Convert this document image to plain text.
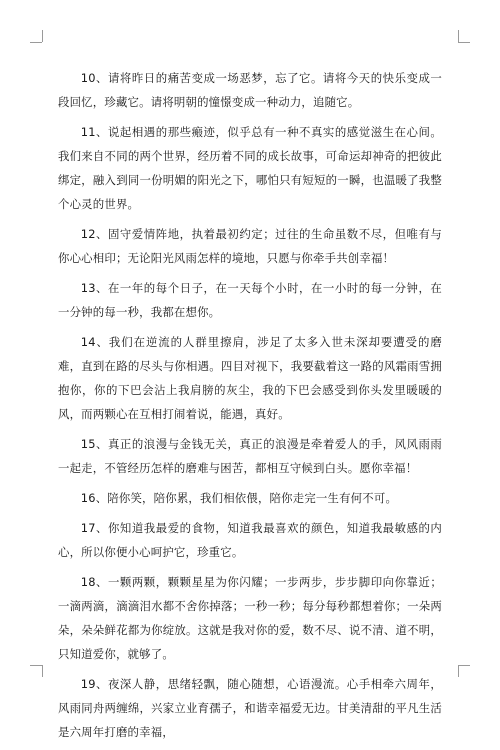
10、请将昨日的痛苦变成一场恶梦，忘了它。请将今天的快乐变成一段回忆，珍藏它。请将明朝的憧憬变成一种动力，追随它。

11、说起相遇的那些瘢迹，似乎总有一种不真实的感觉滋生在心间。我们来自不同的两个世界，经历着不同的成长故事，可命运却神奇的把彼此绑定，融入到同一份明媚的阳光之下，哪怕只有短短的一瞬，也温暖了我整个心灵的世界。

12、固守爱情阵地，执着最初约定；过往的生命虽数不尽，但唯有与你心心相印；无论阳光风雨怎样的境地，只愿与你牵手共创幸福！

13、在一年的每个日子，在一天每个小时，在一小时的每一分钟，在一分钟的每一秒，我都在想你。

14、我们在逆流的人群里擦肩，涉足了太多入世未深却要遭受的磨难，直到在路的尽头与你相遇。四目对视下，我要截着这一路的风霜雨雪拥抱你，你的下巴会沾上我肩膀的灰尘，我的下巴会感受到你头发里暖暖的风，而两颗心在互相打闹着说，能遇，真好。

15、真正的浪漫与金钱无关，真正的浪漫是牵着爱人的手，风风雨雨一起走，不管经历怎样的磨难与困苦，都相互守候到白头。愿你幸福！

16、陪你笑，陪你累，我们相依偎，陪你走完一生有何不可。

17、你知道我最爱的食物，知道我最喜欢的颜色，知道我最敏感的内心，所以你便小心呵护它，珍重它。

18、一颗两颗，颗颗星星为你闪耀；一步两步，步步脚印向你靠近；一滴两滴，滴滴泪水都不舍你掉落；一秒一秒；每分每秒都想着你；一朵两朵，朵朵鲜花都为你绽放。这就是我对你的爱，数不尽、说不清、道不明，只知道爱你，就够了。

19、夜深人静，思绪轻飘，随心随想，心语漫流。心手相牵六周年，风雨同舟两缠绵，兴家立业育孺子，和谐幸福爱无边。甘美清甜的平凡生活是六周年打磨的幸福，
